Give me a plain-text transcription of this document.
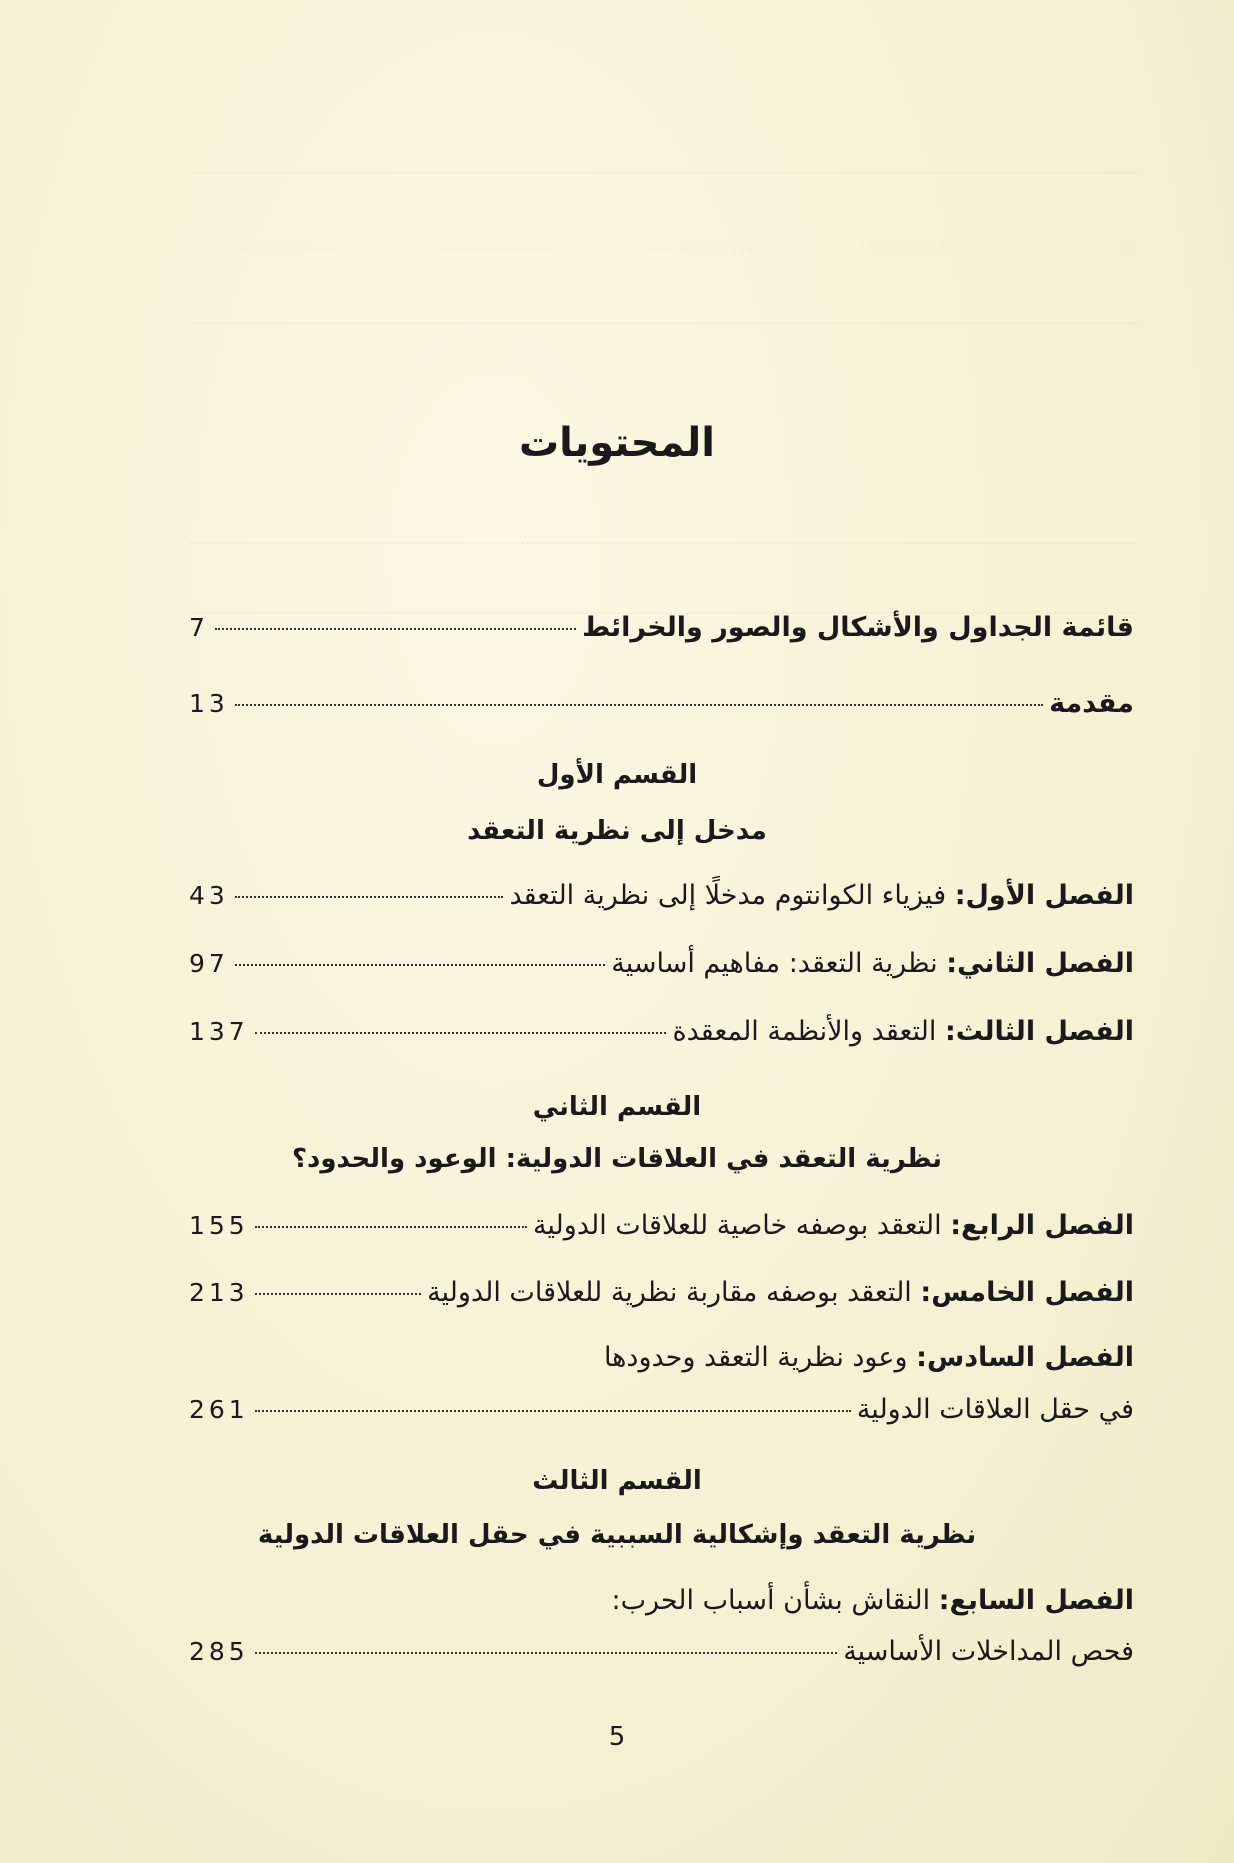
المحتويات
قائمة الجداول والأشكال والصور والخرائط
7
مقدمة
13
القسم الأول
مدخل إلى نظرية التعقد
الفصل الأول: فيزياء الكوانتوم مدخلًا إلى نظرية التعقد
43
الفصل الثاني: نظرية التعقد: مفاهيم أساسية
97
الفصل الثالث: التعقد والأنظمة المعقدة
137
القسم الثاني
نظرية التعقد في العلاقات الدولية: الوعود والحدود؟
الفصل الرابع: التعقد بوصفه خاصية للعلاقات الدولية
155
الفصل الخامس: التعقد بوصفه مقاربة نظرية للعلاقات الدولية
213
الفصل السادس: وعود نظرية التعقد وحدودها
في حقل العلاقات الدولية
261
القسم الثالث
نظرية التعقد وإشكالية السببية في حقل العلاقات الدولية
الفصل السابع: النقاش بشأن أسباب الحرب:
فحص المداخلات الأساسية
285
5
